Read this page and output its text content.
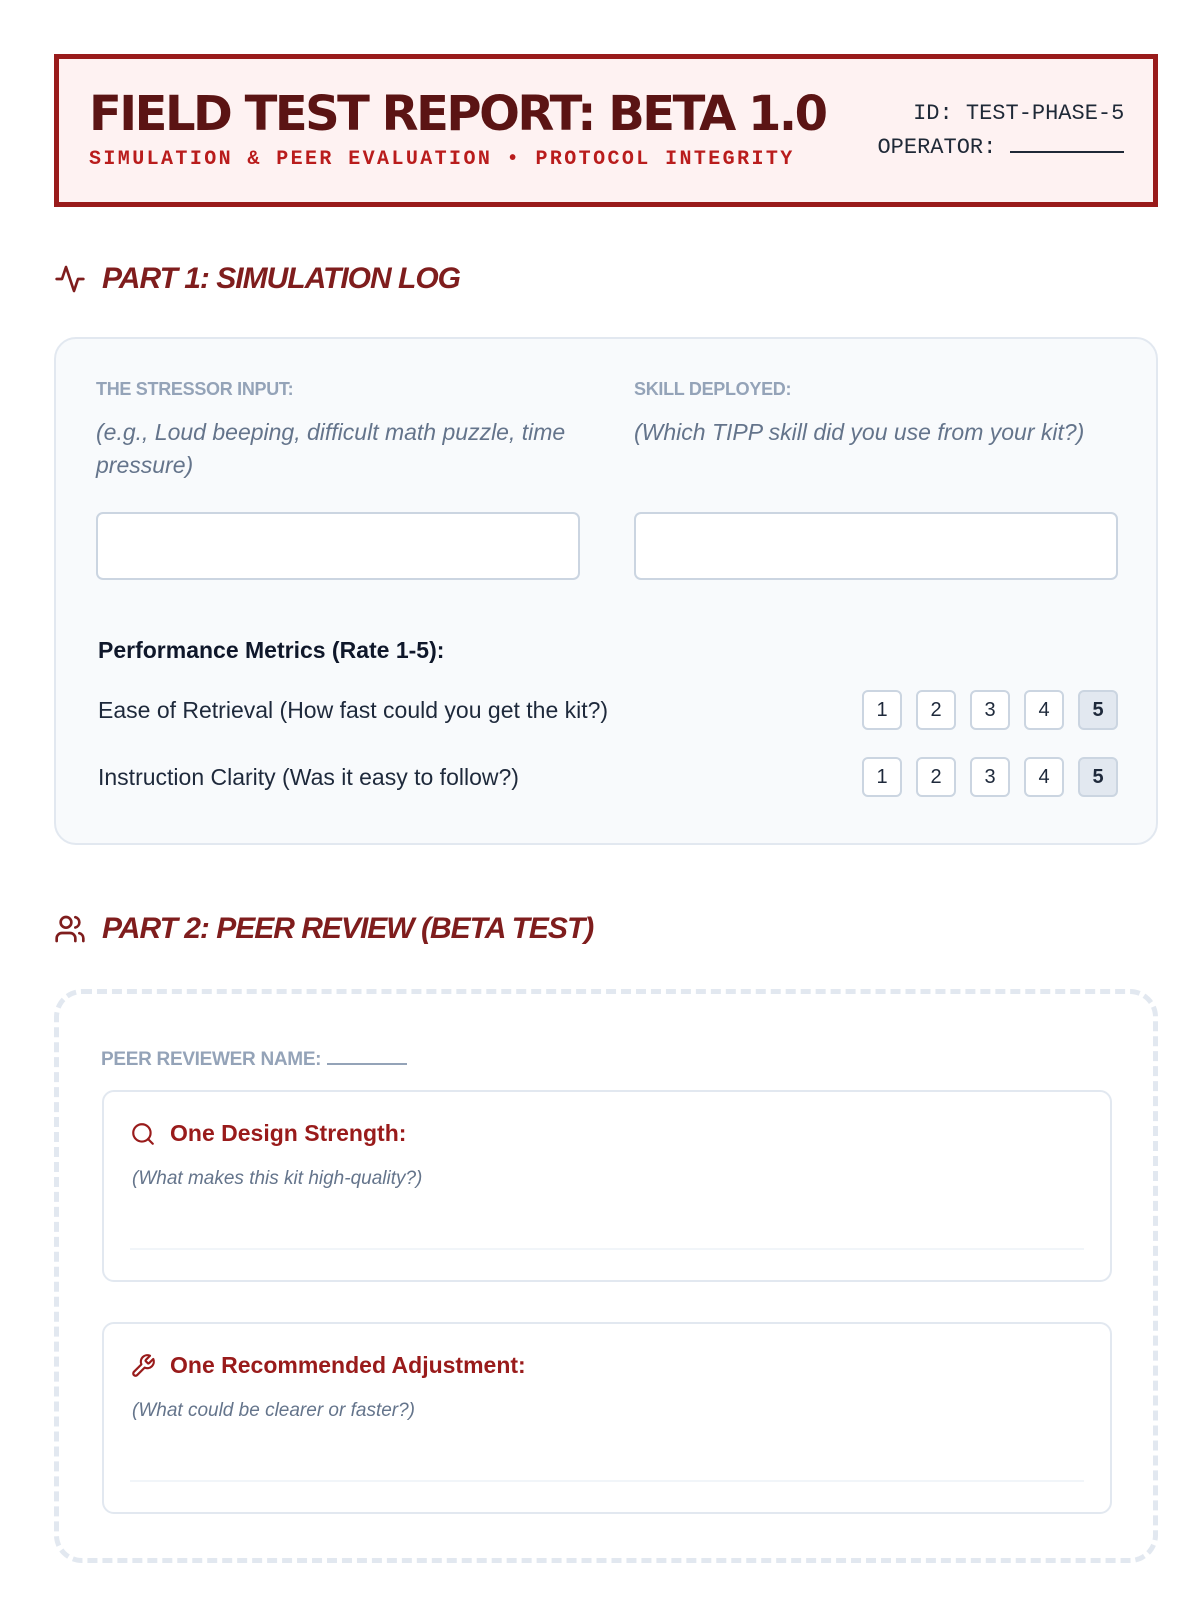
FIELD TEST REPORT: BETA 1.0
SIMULATION & PEER EVALUATION • PROTOCOL INTEGRITY
ID: TEST-PHASE-5
OPERATOR:
PART 1: SIMULATION LOG
THE STRESSOR INPUT:
(e.g., Loud beeping, difficult math puzzle, time pressure)
SKILL DEPLOYED:
(Which TIPP skill did you use from your kit?)
Performance Metrics (Rate 1-5):
Ease of Retrieval (How fast could you get the kit?)	1	2	3	4	5
Instruction Clarity (Was it easy to follow?)	1	2	3	4	5
PART 2: PEER REVIEW (BETA TEST)
PEER REVIEWER NAME:
One Design Strength:
(What makes this kit high-quality?)
One Recommended Adjustment:
(What could be clearer or faster?)
